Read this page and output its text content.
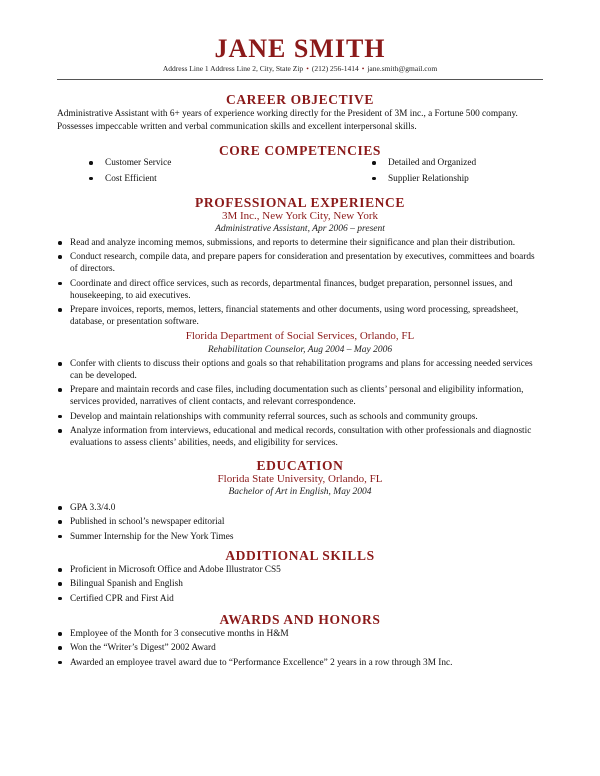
JANE SMITH
Address Line 1 Address Line 2, City, State Zip • (212) 256-1414 • jane.smith@gmail.com
CAREER OBJECTIVE

Administrative Assistant with 6+ years of experience working directly for the President of 3M inc., a Fortune 500 company.

Possesses impeccable written and verbal communication skills and excellent interpersonal skills.

CORE COMPETENCIES
Customer Service
Cost Efficient
Detailed and Organized
Supplier Relationship
PROFESSIONAL EXPERIENCE
3M Inc., New York City, New York
Administrative Assistant, Apr 2006 – present
Read and analyze incoming memos, submissions, and reports to determine their significance and plan their distribution.
Conduct research, compile data, and prepare papers for consideration and presentation by executives, committees and boards of directors.
Coordinate and direct office services, such as records, departmental finances, budget preparation, personnel issues, and housekeeping, to aid executives.
Prepare invoices, reports, memos, letters, financial statements and other documents, using word processing, spreadsheet, database, or presentation software.
Florida Department of Social Services, Orlando, FL
Rehabilitation Counselor, Aug 2004 – May 2006
Confer with clients to discuss their options and goals so that rehabilitation programs and plans for accessing needed services can be developed.
Prepare and maintain records and case files, including documentation such as clients’ personal and eligibility information, services provided, narratives of client contacts, and relevant correspondence.
Develop and maintain relationships with community referral sources, such as schools and community groups.
Analyze information from interviews, educational and medical records, consultation with other professionals and diagnostic evaluations to assess clients’ abilities, needs, and eligibility for services.
EDUCATION
Florida State University, Orlando, FL
Bachelor of Art in English, May 2004
GPA 3.3/4.0
Published in school’s newspaper editorial
Summer Internship for the New York Times
ADDITIONAL SKILLS
Proficient in Microsoft Office and Adobe Illustrator CS5
Bilingual Spanish and English
Certified CPR and First Aid
AWARDS AND HONORS
Employee of the Month for 3 consecutive months in H&M
Won the “Writer’s Digest” 2002 Award
Awarded an employee travel award due to “Performance Excellence” 2 years in a row through 3M Inc.
